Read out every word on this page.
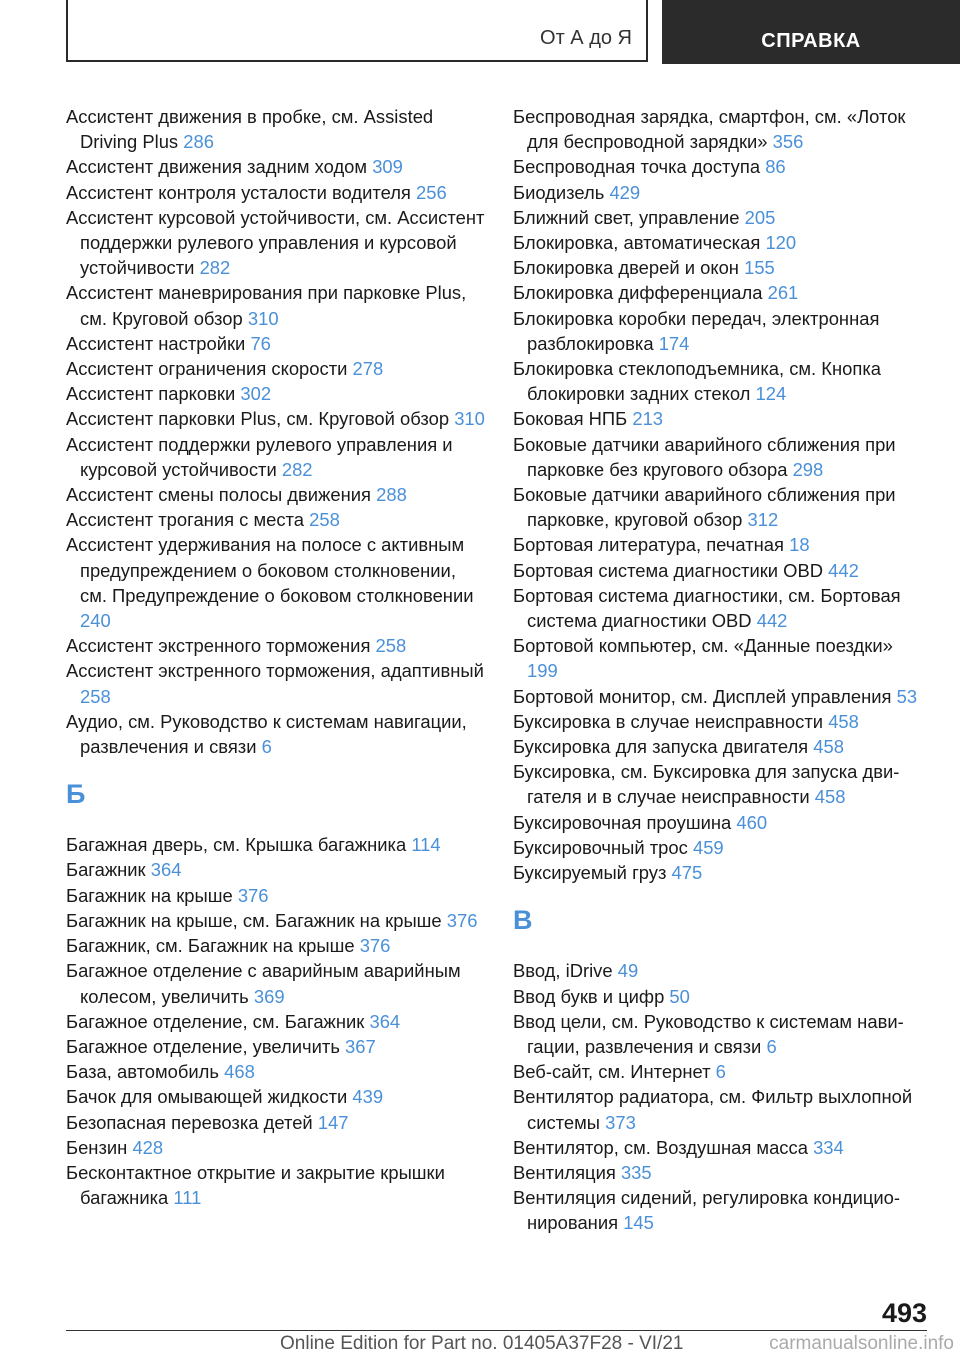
От А до Я	СПРАВКА
Ассистент движения в пробке, см. Assisted Driving Plus 286
Ассистент движения задним ходом 309
Ассистент контроля усталости водителя 256
Ассистент курсовой устойчивости, см. Ассистент поддержки рулевого управления и курсовой устойчивости 282
Ассистент маневрирования при парковке Plus, см. Круговой обзор 310
Ассистент настройки 76
Ассистент ограничения скорости 278
Ассистент парковки 302
Ассистент парковки Plus, см. Круговой обзор 310
Ассистент поддержки рулевого управления и курсовой устойчивости 282
Ассистент смены полосы движения 288
Ассистент трогания с места 258
Ассистент удерживания на полосе с активным предупреждением о боковом столкновении, см. Предупреждение о боковом столкновении 240
Ассистент экстренного торможения 258
Ассистент экстренного торможения, адаптивный 258
Аудио, см. Руководство к системам навигации, развлечения и связи 6
Б
Багажная дверь, см. Крышка багажника 114
Багажник 364
Багажник на крыше 376
Багажник на крыше, см. Багажник на крыше 376
Багажник, см. Багажник на крыше 376
Багажное отделение с аварийным аварийным колесом, увеличить 369
Багажное отделение, см. Багажник 364
Багажное отделение, увеличить 367
База, автомобиль 468
Бачок для омывающей жидкости 439
Безопасная перевозка детей 147
Бензин 428
Бесконтактное открытие и закрытие крышки багажника 111
Беспроводная зарядка, смартфон, см. «Лоток для беспроводной зарядки» 356
Беспроводная точка доступа 86
Биодизель 429
Ближний свет, управление 205
Блокировка, автоматическая 120
Блокировка дверей и окон 155
Блокировка дифференциала 261
Блокировка коробки передач, электронная разблокировка 174
Блокировка стеклоподъемника, см. Кнопка блокировки задних стекол 124
Боковая НПБ 213
Боковые датчики аварийного сближения при парковке без кругового обзора 298
Боковые датчики аварийного сближения при парковке, круговой обзор 312
Бортовая литература, печатная 18
Бортовая система диагностики OBD 442
Бортовая система диагностики, см. Бортовая система диагностики OBD 442
Бортовой компьютер, см. «Данные поездки» 199
Бортовой монитор, см. Дисплей управления 53
Буксировка в случае неисправности 458
Буксировка для запуска двигателя 458
Буксировка, см. Буксировка для запуска двигателя и в случае неисправности 458
Буксировочная проушина 460
Буксировочный трос 459
Буксируемый груз 475
В
Ввод, iDrive 49
Ввод букв и цифр 50
Ввод цели, см. Руководство к системам навигации, развлечения и связи 6
Веб-сайт, см. Интернет 6
Вентилятор радиатора, см. Фильтр выхлопной системы 373
Вентилятор, см. Воздушная масса 334
Вентиляция 335
Вентиляция сидений, регулировка кондиционирования 145
493
Online Edition for Part no. 01405A37F28 - VI/21	carmanualsonline.info
